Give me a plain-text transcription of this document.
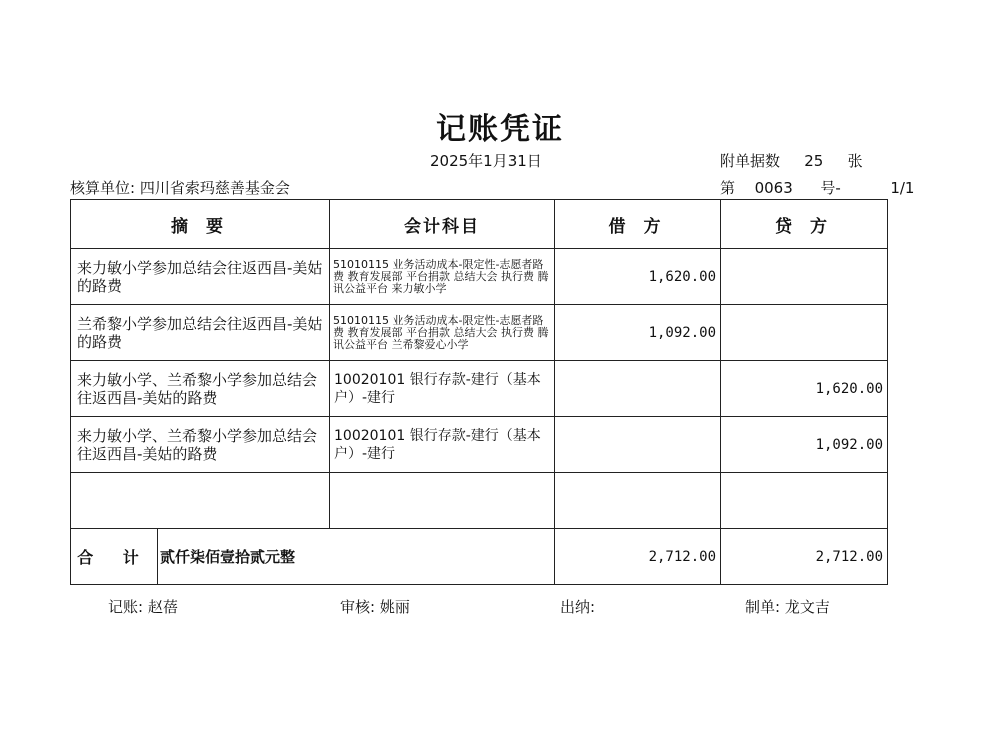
记账凭证
2025年1月31日	附单据数 25 张
核算单位: 四川省索玛慈善基金会	第 0063 号-	1/1
摘 要	会计科目	借 方	贷 方
来力敏小学参加总结会往返西昌-美姑的路费	51010115 业务活动成本-限定性-志愿者路费 教育发展部 平台捐款 总结大会 执行费 腾讯公益平台 来力敏小学	1,620.00	
兰希黎小学参加总结会往返西昌-美姑的路费	51010115 业务活动成本-限定性-志愿者路费 教育发展部 平台捐款 总结大会 执行费 腾讯公益平台 兰希黎爱心小学	1,092.00	
来力敏小学、兰希黎小学参加总结会往返西昌-美姑的路费	10020101 银行存款-建行（基本户）-建行		1,620.00
来力敏小学、兰希黎小学参加总结会往返西昌-美姑的路费	10020101 银行存款-建行（基本户）-建行		1,092.00

合 计 贰仟柒佰壹拾贰元整		2,712.00	2,712.00
记账: 赵蓓	审核: 姚丽	出纳:	制单: 龙文吉
